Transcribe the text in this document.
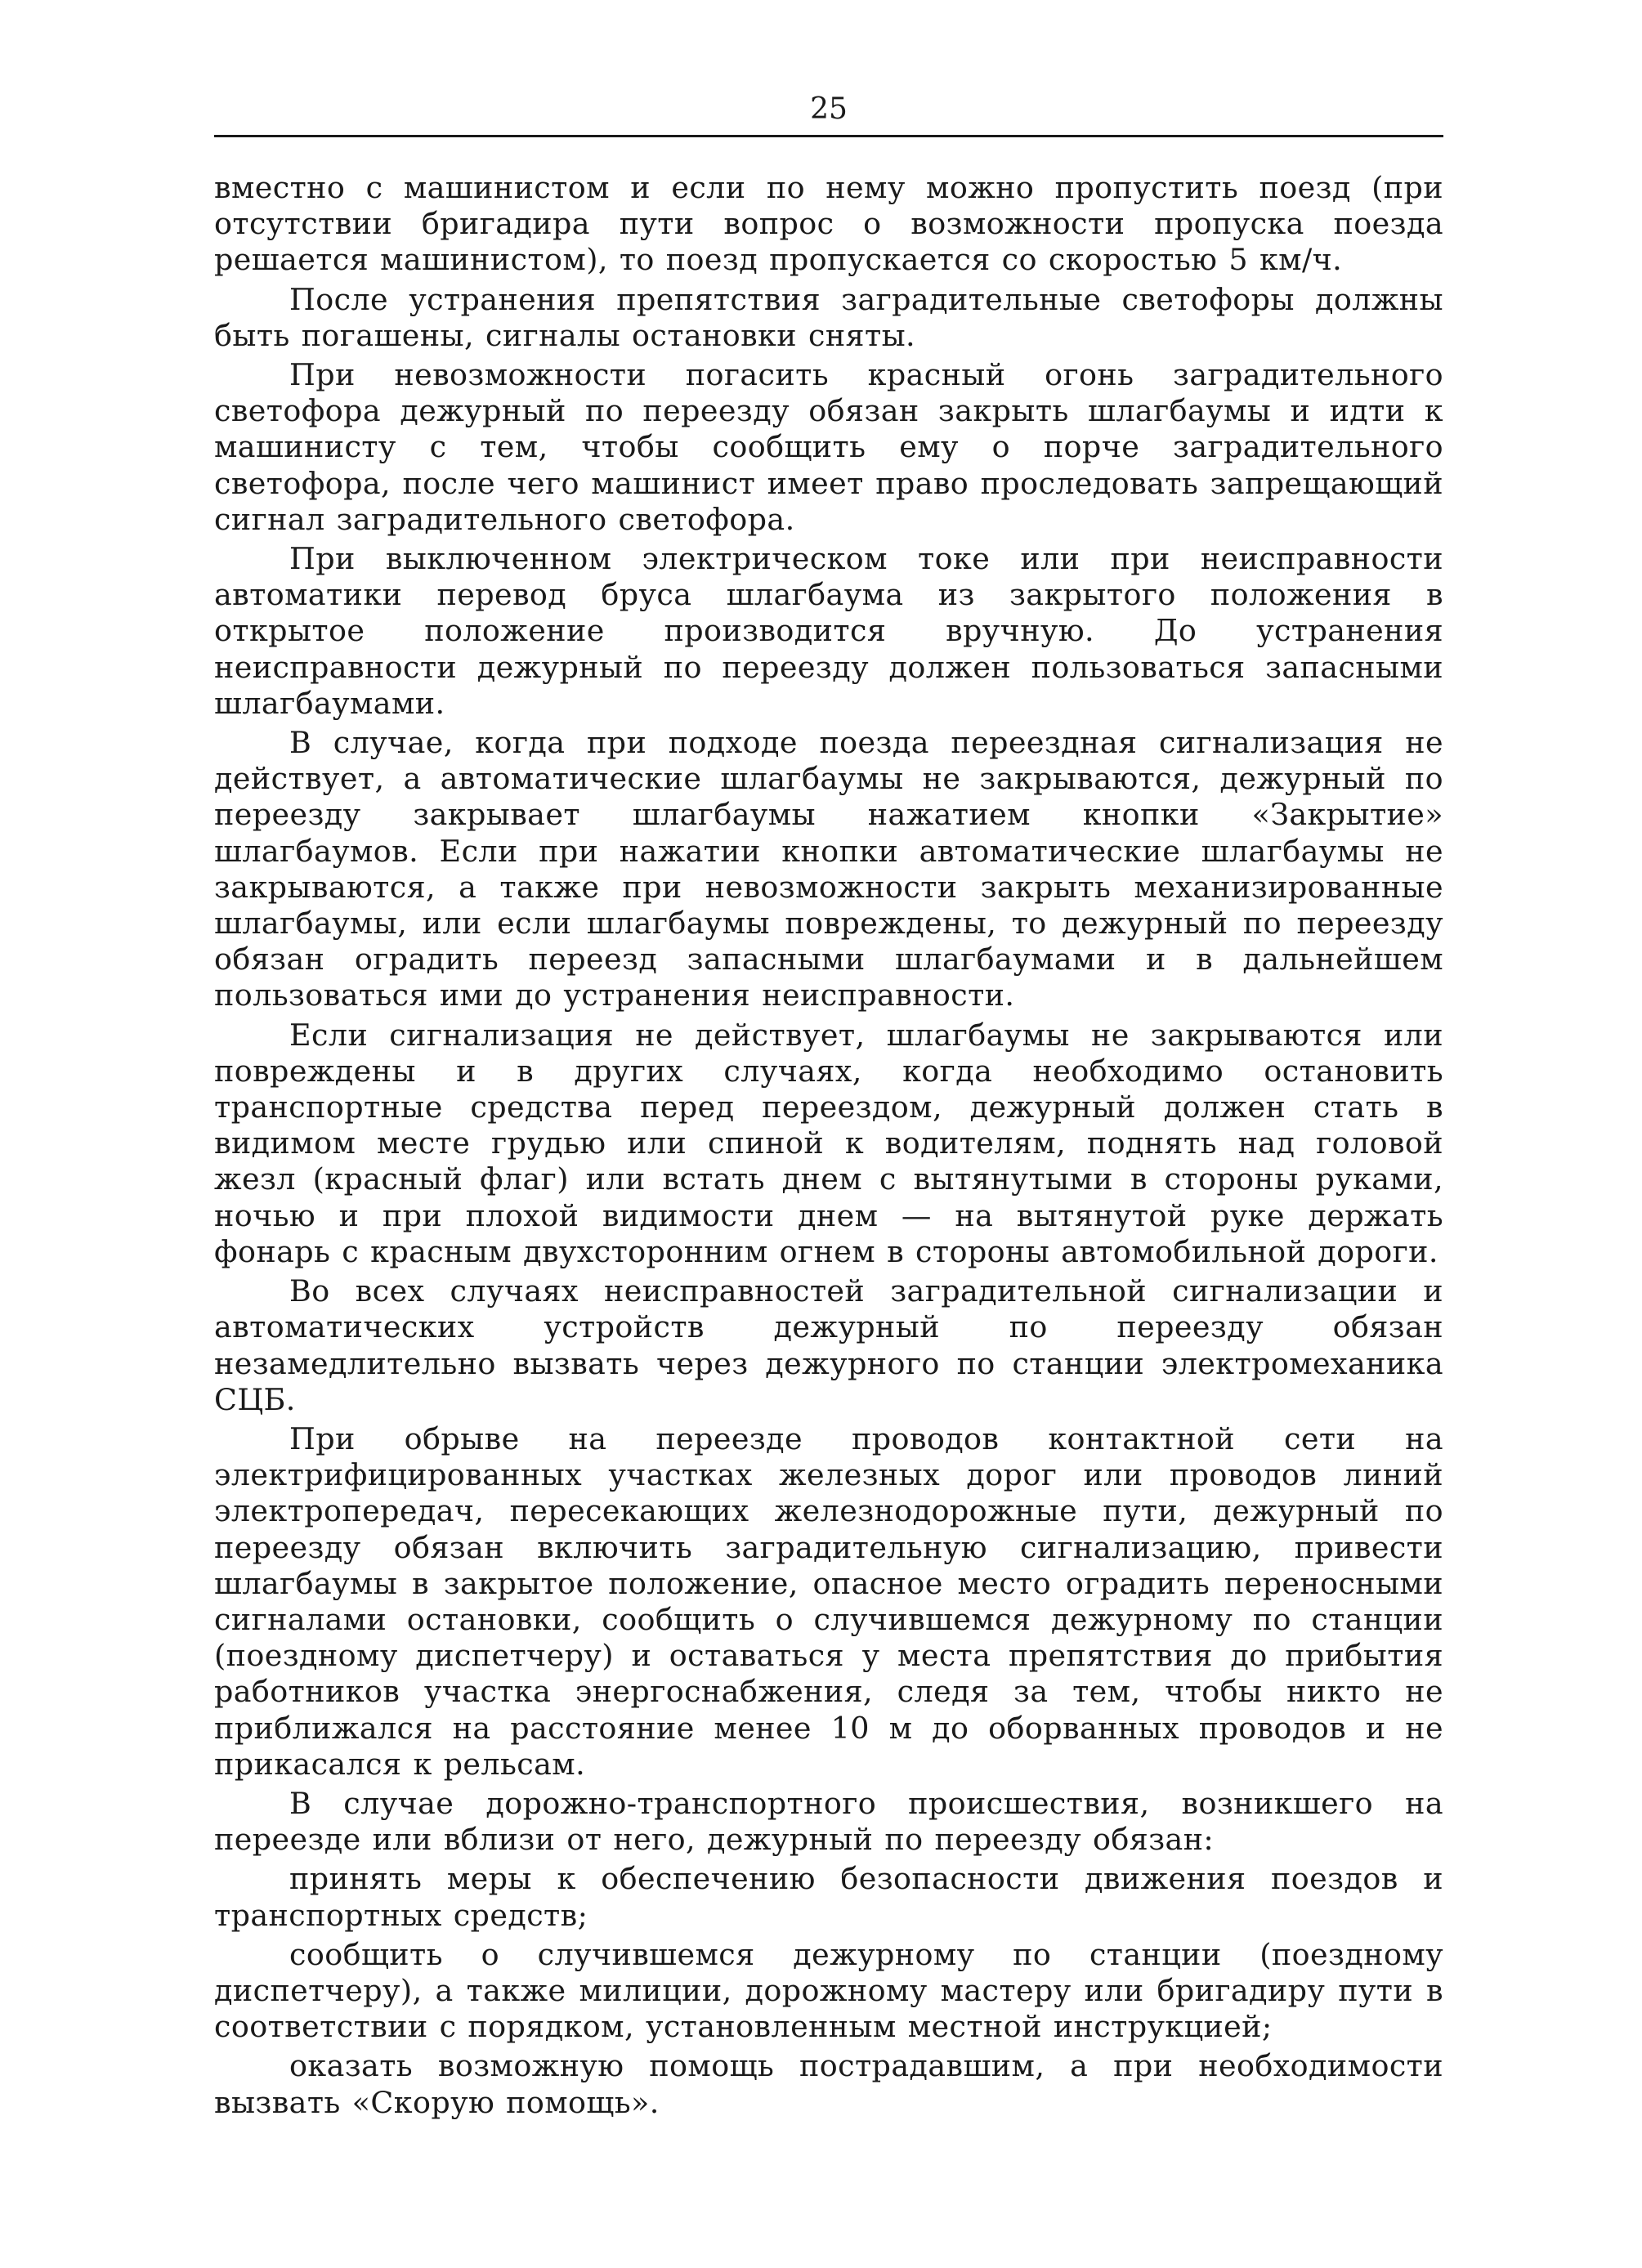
25

вместно с машинистом и если по нему можно пропустить поезд (при отсутствии бригадира пути вопрос о возможности пропуска поезда решается машинистом), то поезд пропускается со скоростью 5 км/ч.

После устранения препятствия заградительные светофоры должны быть погашены, сигналы остановки сняты.

При невозможности погасить красный огонь заградительного светофора дежурный по переезду обязан закрыть шлагбаумы и идти к машинисту с тем, чтобы сообщить ему о порче заградительного светофора, после чего машинист имеет право проследовать запрещающий сигнал заградительного светофора.

При выключенном электрическом токе или при неисправности автоматики перевод бруса шлагбаума из закрытого положения в открытое положение производится вручную. До устранения неисправности дежурный по переезду должен пользоваться запасными шлагбаумами.

В случае, когда при подходе поезда переездная сигнализация не действует, а автоматические шлагбаумы не закрываются, дежурный по переезду закрывает шлагбаумы нажатием кнопки «Закрытие» шлагбаумов. Если при нажатии кнопки автоматические шлагбаумы не закрываются, а также при невозможности закрыть механизированные шлагбаумы, или если шлагбаумы повреждены, то дежурный по переезду обязан оградить переезд запасными шлагбаумами и в дальнейшем пользоваться ими до устранения неисправности.

Если сигнализация не действует, шлагбаумы не закрываются или повреждены и в других случаях, когда необходимо остановить транспортные средства перед переездом, дежурный должен стать в видимом месте грудью или спиной к водителям, поднять над головой жезл (красный флаг) или встать днем с вытянутыми в стороны руками, ночью и при плохой видимости днем — на вытянутой руке держать фонарь с красным двухсторонним огнем в стороны автомобильной дороги.

Во всех случаях неисправностей заградительной сигнализации и автоматических устройств дежурный по переезду обязан незамедлительно вызвать через дежурного по станции электромеханика СЦБ.

При обрыве на переезде проводов контактной сети на электрифицированных участках железных дорог или проводов линий электропередач, пересекающих железнодорожные пути, дежурный по переезду обязан включить заградительную сигнализацию, привести шлагбаумы в закрытое положение, опасное место оградить переносными сигналами остановки, сообщить о случившемся дежурному по станции (поездному диспетчеру) и оставаться у места препятствия до прибытия работников участка энергоснабжения, следя за тем, чтобы никто не приближался на расстояние менее 10 м до оборванных проводов и не прикасался к рельсам.

В случае дорожно-транспортного происшествия, возникшего на переезде или вблизи от него, дежурный по переезду обязан:

принять меры к обеспечению безопасности движения поездов и транспортных средств;

сообщить о случившемся дежурному по станции (поездному диспетчеру), а также милиции, дорожному мастеру или бригадиру пути в соответствии с порядком, установленным местной инструкцией;

оказать возможную помощь пострадавшим, а при необходимости вызвать «Скорую помощь».
